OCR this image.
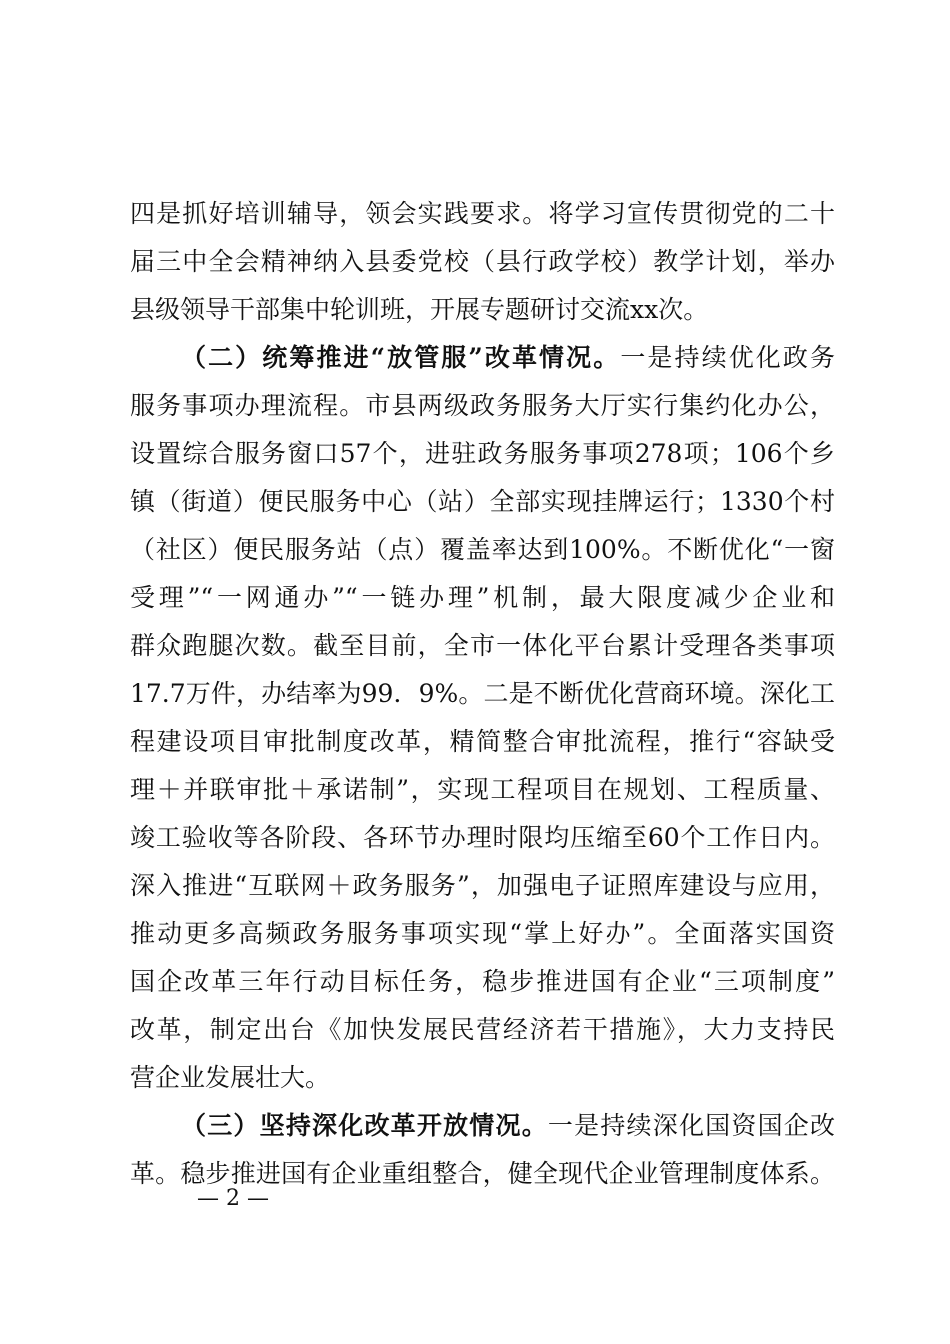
四是抓好培训辅导，领会实践要求。将学习宣传贯彻党的二十
届三中全会精神纳入县委党校（县行政学校）教学计划，举办
县级领导干部集中轮训班，开展专题研讨交流xx次。
（二）统筹推进“放管服”改革情况。一是持续优化政务
服务事项办理流程。市县两级政务服务大厅实行集约化办公，
设置综合服务窗口57个，进驻政务服务事项278项；106个乡
镇（街道）便民服务中心（站）全部实现挂牌运行；1330个村
（社区）便民服务站（点）覆盖率达到100%。不断优化“一窗
受理”“一网通办”“一链办理”机制，最大限度减少企业和
群众跑腿次数。截至目前，全市一体化平台累计受理各类事项
17.7万件，办结率为99．9%。二是不断优化营商环境。深化工
程建设项目审批制度改革，精简整合审批流程，推行“容缺受
理＋并联审批＋承诺制”，实现工程项目在规划、工程质量、
竣工验收等各阶段、各环节办理时限均压缩至60个工作日内。
深入推进“互联网＋政务服务”，加强电子证照库建设与应用，
推动更多高频政务服务事项实现“掌上好办”。全面落实国资
国企改革三年行动目标任务，稳步推进国有企业“三项制度”
改革，制定出台《加快发展民营经济若干措施》，大力支持民
营企业发展壮大。
（三）坚持深化改革开放情况。一是持续深化国资国企改
革。稳步推进国有企业重组整合，健全现代企业管理制度体系。
— 2 —
